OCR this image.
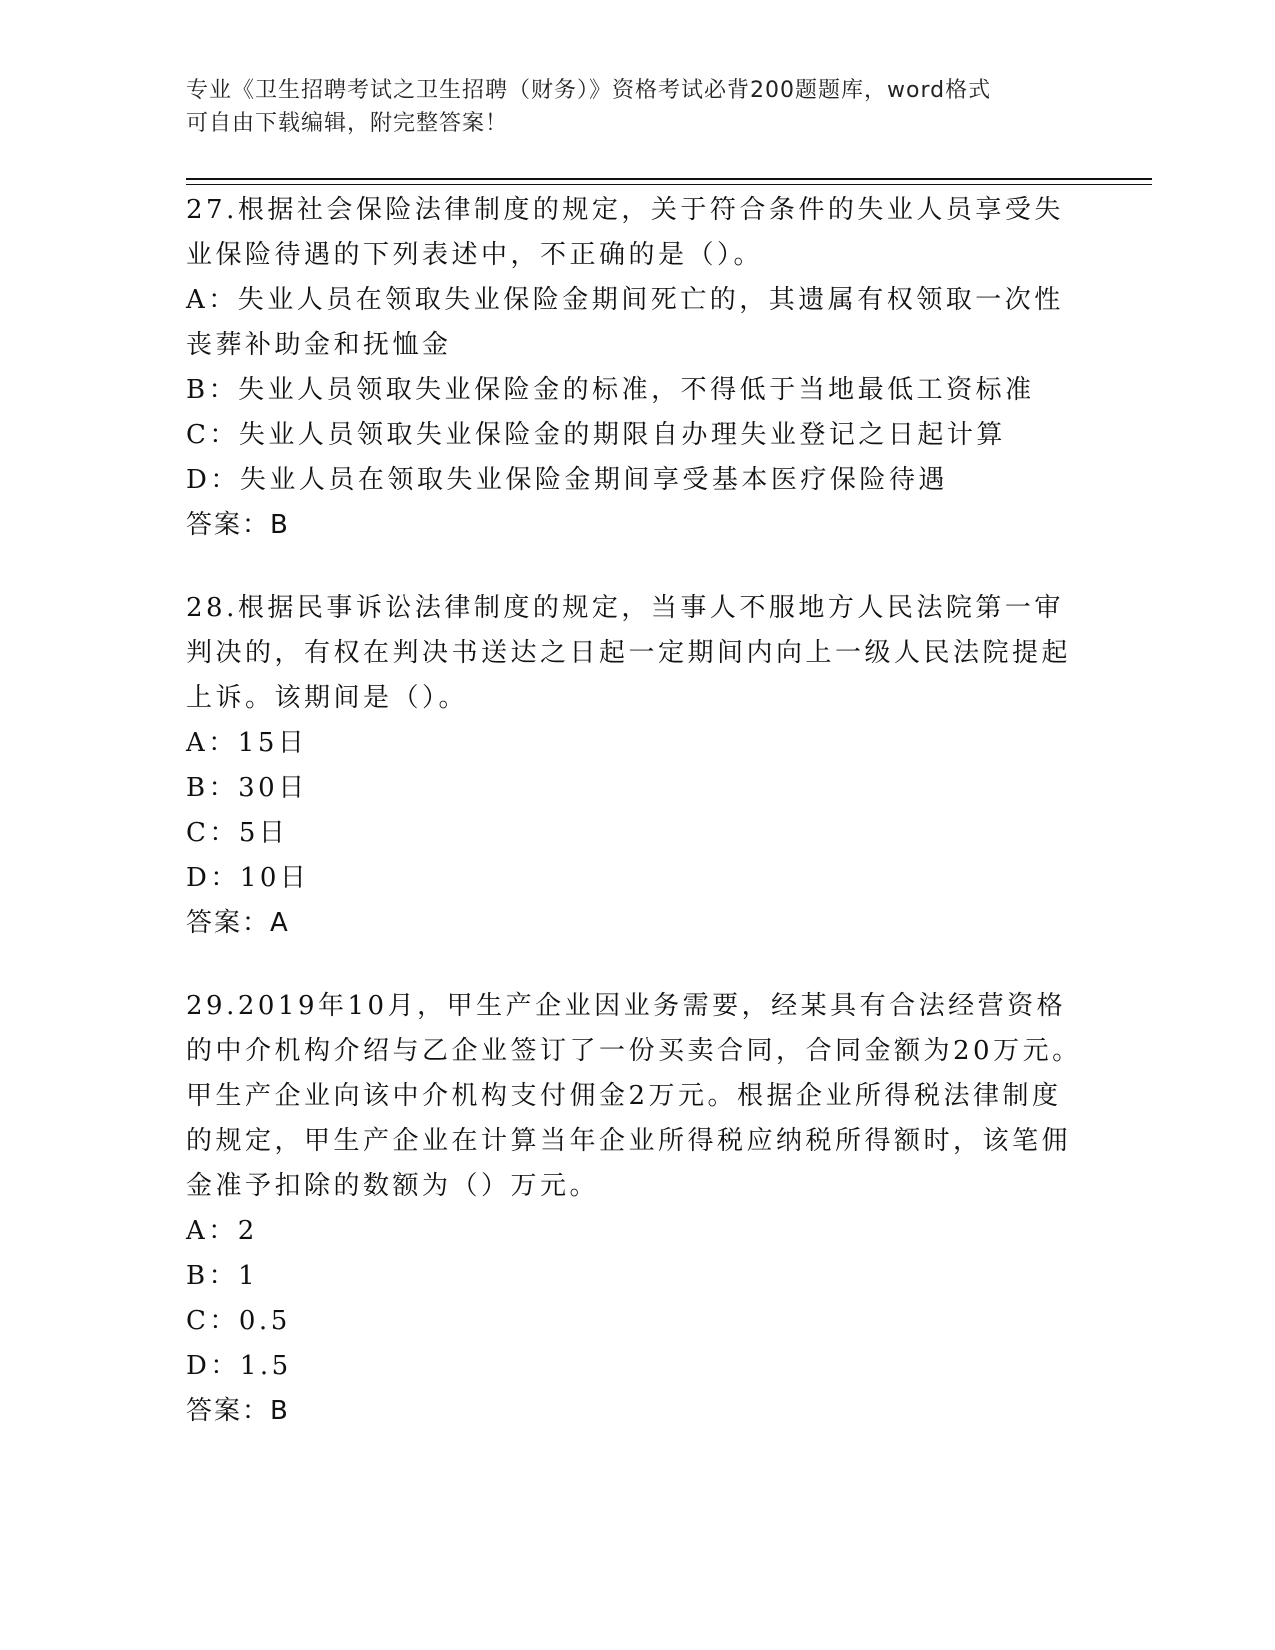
专业《卫生招聘考试之卫生招聘（财务）》资格考试必背200题题库，word格式
可自由下载编辑，附完整答案！

27.根据社会保险法律制度的规定，关于符合条件的失业人员享受失业保险待遇的下列表述中，不正确的是（）。

A：失业人员在领取失业保险金期间死亡的，其遗属有权领取一次性丧葬补助金和抚恤金

B：失业人员领取失业保险金的标准，不得低于当地最低工资标准

C：失业人员领取失业保险金的期限自办理失业登记之日起计算

D：失业人员在领取失业保险金期间享受基本医疗保险待遇

答案：B

28.根据民事诉讼法律制度的规定，当事人不服地方人民法院第一审判决的，有权在判决书送达之日起一定期间内向上一级人民法院提起上诉。该期间是（）。

A：15日

B：30日

C：5日

D：10日

答案：A

29.2019年10月，甲生产企业因业务需要，经某具有合法经营资格的中介机构介绍与乙企业签订了一份买卖合同，合同金额为20万元。甲生产企业向该中介机构支付佣金2万元。根据企业所得税法律制度的规定，甲生产企业在计算当年企业所得税应纳税所得额时，该笔佣金准予扣除的数额为（）万元。

A：2

B：1

C：0.5

D：1.5

答案：B
